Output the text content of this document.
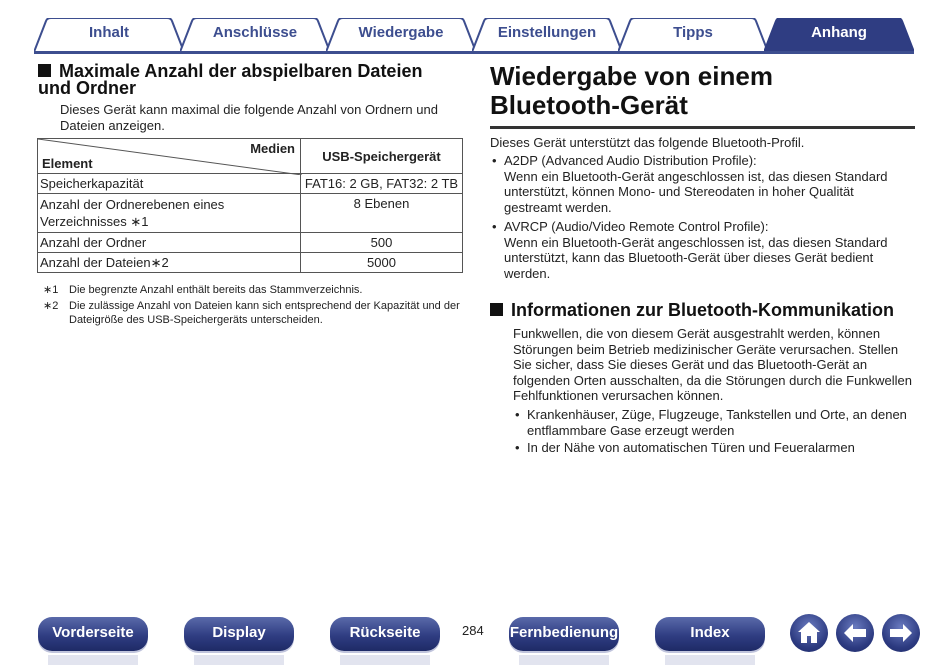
Inhalt	Anschlüsse	Wiedergabe	Einstellungen	Tipps	Anhang
Maximale Anzahl der abspielbaren Dateien und Ordner
Dieses Gerät kann maximal die folgende Anzahl von Ordnern und Dateien anzeigen.
Medien
Element	USB-Speichergerät
Speicherkapazität	FAT16: 2 GB, FAT32: 2 TB
Anzahl der Ordnerebenen eines Verzeichnisses ∗1	8 Ebenen
Anzahl der Ordner	500
Anzahl der Dateien∗2	5000
∗1 Die begrenzte Anzahl enthält bereits das Stammverzeichnis.
∗2 Die zulässige Anzahl von Dateien kann sich entsprechend der Kapazität und der Dateigröße des USB-Speichergeräts unterscheiden.
Wiedergabe von einem Bluetooth-Gerät
Dieses Gerät unterstützt das folgende Bluetooth-Profil.
• A2DP (Advanced Audio Distribution Profile):
Wenn ein Bluetooth-Gerät angeschlossen ist, das diesen Standard unterstützt, können Mono- und Stereodaten in hoher Qualität gestreamt werden.
• AVRCP (Audio/Video Remote Control Profile):
Wenn ein Bluetooth-Gerät angeschlossen ist, das diesen Standard unterstützt, kann das Bluetooth-Gerät über dieses Gerät bedient werden.
Informationen zur Bluetooth-Kommunikation
Funkwellen, die von diesem Gerät ausgestrahlt werden, können Störungen beim Betrieb medizinischer Geräte verursachen. Stellen Sie sicher, dass Sie dieses Gerät und das Bluetooth-Gerät an folgenden Orten ausschalten, da die Störungen durch die Funkwellen Fehlfunktionen verursachen können.
• Krankenhäuser, Züge, Flugzeuge, Tankstellen und Orte, an denen entflammbare Gase erzeugt werden
• In der Nähe von automatischen Türen und Feueralarmen
Vorderseite	Display	Rückseite	284 Fernbedienung	Index
